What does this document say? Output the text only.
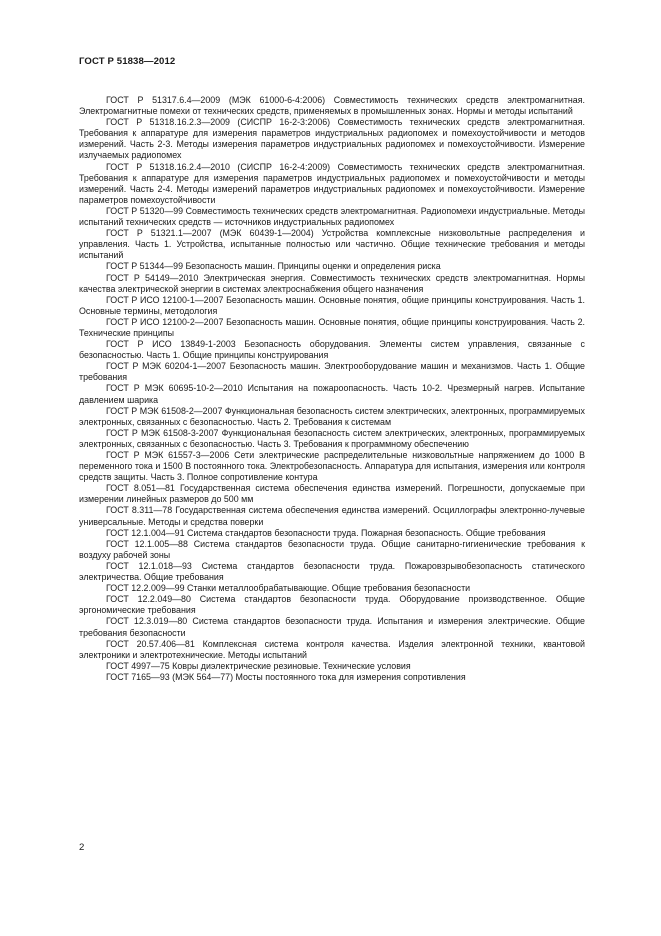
ГОСТ Р 51838—2012

ГОСТ Р 51317.6.4—2009 (МЭК 61000-6-4:2006) Совместимость технических средств электромагнитная. Электромагнитные помехи от технических средств, применяемых в промышленных зонах. Нормы и методы испытаний

ГОСТ Р 51318.16.2.3—2009 (СИСПР 16-2-3:2006) Совместимость технических средств электромагнитная. Требования к аппаратуре для измерения параметров индустриальных радиопомех и помехоустойчивости и методов измерений. Часть 2-3. Методы измерения параметров индустриальных радиопомех и помехоустойчивости. Измерение излучаемых радиопомех

ГОСТ Р 51318.16.2.4—2010 (СИСПР 16-2-4:2009) Совместимость технических средств электромагнитная. Требования к аппаратуре для измерения параметров индустриальных радиопомех и помехоустойчивости и методы измерений. Часть 2-4. Методы измерений параметров индустриальных радиопомех и помехоустойчивости. Измерение параметров помехоустойчивости

ГОСТ Р 51320—99 Совместимость технических средств электромагнитная. Радиопомехи индустриальные. Методы испытаний технических средств — источников индустриальных радиопомех

ГОСТ Р 51321.1—2007 (МЭК 60439-1—2004) Устройства комплексные низковольтные распределения и управления. Часть 1. Устройства, испытанные полностью или частично. Общие технические требования и методы испытаний

ГОСТ Р 51344—99 Безопасность машин. Принципы оценки и определения риска

ГОСТ Р 54149—2010 Электрическая энергия. Совместимость технических средств электромагнитная. Нормы качества электрической энергии в системах электроснабжения общего назначения

ГОСТ Р ИСО 12100-1—2007 Безопасность машин. Основные понятия, общие принципы конструирования. Часть 1. Основные термины, методология

ГОСТ Р ИСО 12100-2—2007 Безопасность машин. Основные понятия, общие принципы конструирования. Часть 2. Технические принципы

ГОСТ Р ИСО 13849-1-2003 Безопасность оборудования. Элементы систем управления, связанные с безопасностью. Часть 1. Общие принципы конструирования

ГОСТ Р МЭК 60204-1—2007 Безопасность машин. Электрооборудование машин и механизмов. Часть 1. Общие требования

ГОСТ Р МЭК 60695-10-2—2010 Испытания на пожароопасность. Часть 10-2. Чрезмерный нагрев. Испытание давлением шарика

ГОСТ Р МЭК 61508-2—2007 Функциональная безопасность систем электрических, электронных, программируемых электронных, связанных с безопасностью. Часть 2. Требования к системам

ГОСТ Р МЭК 61508-3-2007 Функциональная безопасность систем электрических, электронных, программируемых электронных, связанных с безопасностью. Часть 3. Требования к программному обеспечению

ГОСТ Р МЭК 61557-3—2006 Сети электрические распределительные низковольтные напряжением до 1000 В переменного тока и 1500 В постоянного тока. Электробезопасность. Аппаратура для испытания, измерения или контроля средств защиты. Часть 3. Полное сопротивление контура

ГОСТ 8.051—81 Государственная система обеспечения единства измерений. Погрешности, допускаемые при измерении линейных размеров до 500 мм

ГОСТ 8.311—78 Государственная система обеспечения единства измерений. Осциллографы электронно-лучевые универсальные. Методы и средства поверки

ГОСТ 12.1.004—91 Система стандартов безопасности труда. Пожарная безопасность. Общие требования

ГОСТ 12.1.005—88 Система стандартов безопасности труда. Общие санитарно-гигиенические требования к воздуху рабочей зоны

ГОСТ 12.1.018—93 Система стандартов безопасности труда. Пожаровзрывобезопасность статического электричества. Общие требования

ГОСТ 12.2.009—99 Станки металлообрабатывающие. Общие требования безопасности

ГОСТ 12.2.049—80 Система стандартов безопасности труда. Оборудование производственное. Общие эргономические требования

ГОСТ 12.3.019—80 Система стандартов безопасности труда. Испытания и измерения электрические. Общие требования безопасности

ГОСТ 20.57.406—81 Комплексная система контроля качества. Изделия электронной техники, квантовой электроники и электротехнические. Методы испытаний

ГОСТ 4997—75 Ковры диэлектрические резиновые. Технические условия

ГОСТ 7165—93 (МЭК 564—77) Мосты постоянного тока для измерения сопротивления

2
